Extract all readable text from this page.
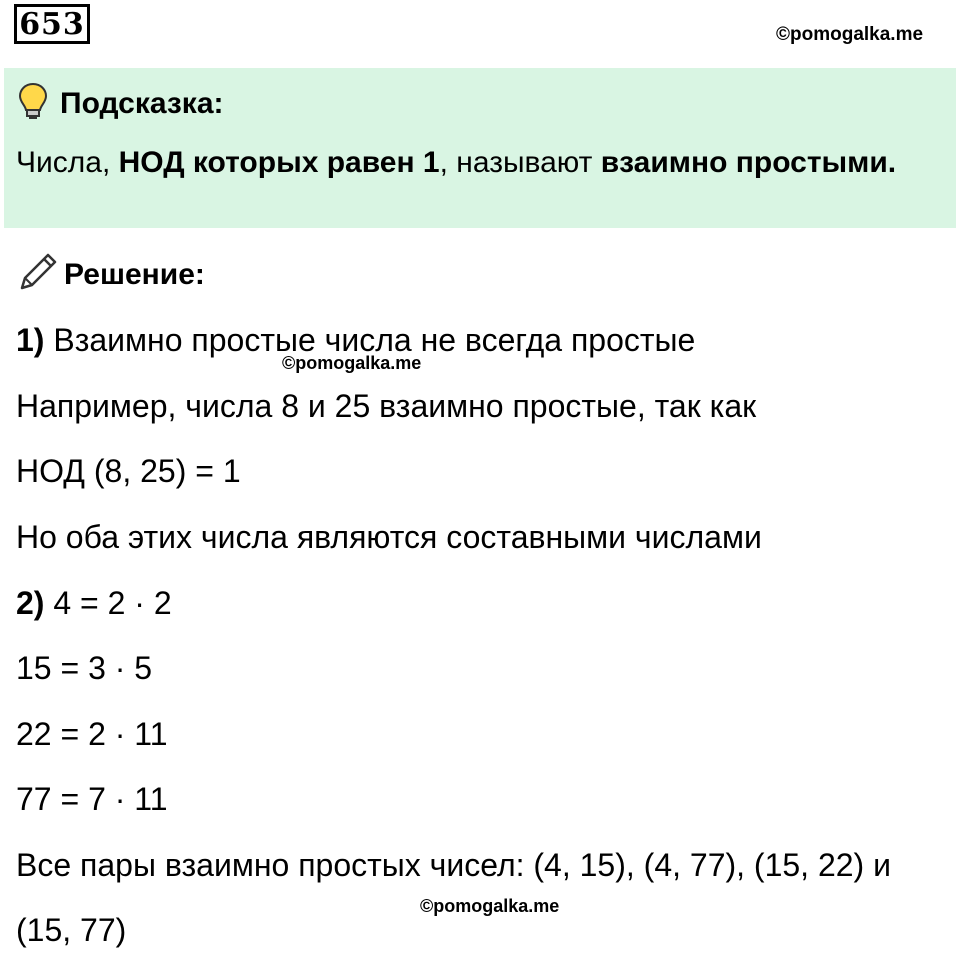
653	©pomogalka.me
Подсказка:
Числа, НОД которых равен 1, называют взаимно простыми.
Решение:
1) Взаимно простые числа не всегда простые
©pomogalka.me
Например, числа 8 и 25 взаимно простые, так как
НОД (8, 25) = 1
Но оба этих числа являются составными числами
2) 4 = 2 · 2
15 = 3 · 5
22 = 2 · 11
77 = 7 · 11
Все пары взаимно простых чисел: (4, 15), (4, 77), (15, 22) и
©pomogalka.me
(15, 77)
